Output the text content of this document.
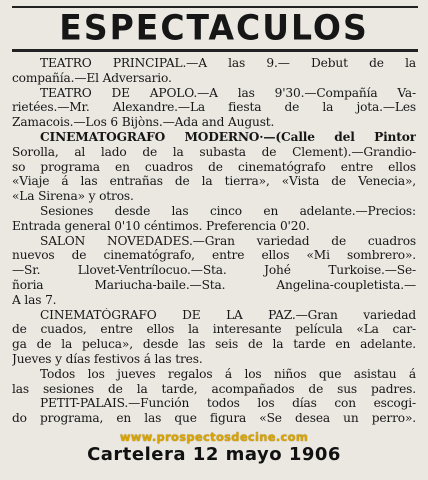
ESPECTACULOS
TEATRO PRINCIPAL.—A las 9.— Debut de la
compañía.—El Adversario.
TEATRO DE APOLO.—A las 9'30.—Compañía Va-
rietées.—Mr. Alexandre.—La fiesta de la jota.—Les
Zamacois.—Los 6 Bijòns.—Ada and August.
CINEMATOGRAFO MODERNO·—(Calle del Pintor
Sorolla, al lado de la subasta de Clement).—Grandio-
so programa en cuadros de cinematógrafo entre ellos
«Viaje á las entrañas de la tierra», «Vista de Venecia»,
«La Sirena» y otros.
Sesiones desde las cinco en adelante.—Precios:
Entrada general 0'10 céntimos. Preferencia 0'20.
SALON NOVEDADES.—Gran variedad de cuadros
nuevos de cinematógrafo, entre ellos «Mi sombrero».
—Sr. Llovet-Ventrílocuo.—Sta. Johé Turkoise.—Se-
ñoria Mariucha-baile.—Sta. Angelina-coupletista.—
A las 7.
CINEMATÓGRAFO DE LA PAZ.—Gran variedad
de cuados, entre ellos la interesante película «La car-
ga de la peluca», desde las seis de la tarde en adelante.
Jueves y días festivos á las tres.
Todos los jueves regalos á los niños que asistau á
las sesiones de la tarde, acompañados de sus padres.
PETIT-PALAIS.—Función todos los días con escogi-
do programa, en las que figura «Se desea un perro».
www.prospectosdecine.com
Cartelera 12 mayo 1906
